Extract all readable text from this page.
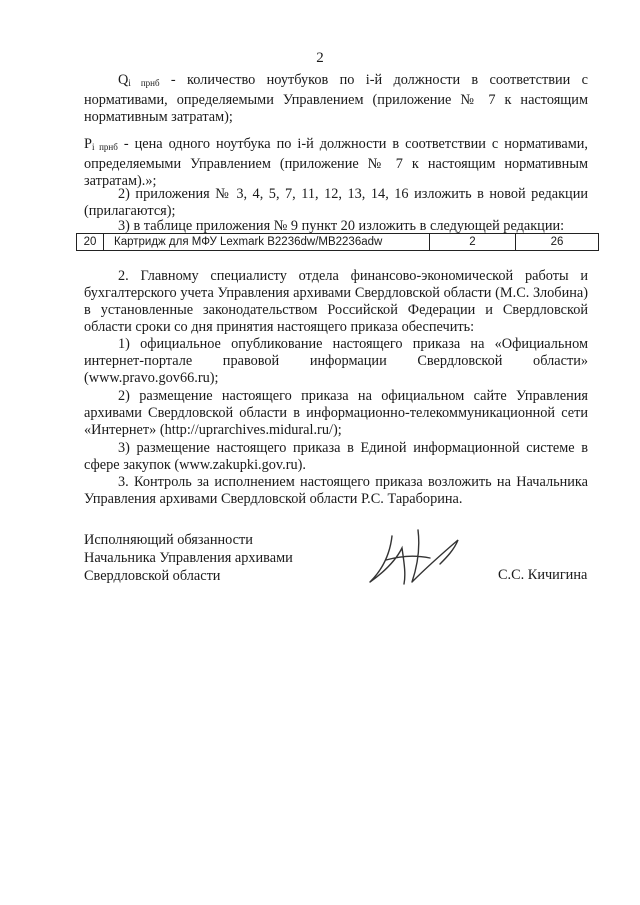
2

$Q_{i прнб}$ - количество ноутбуков по i-й должности в соответствии с нормативами, определяемыми Управлением (приложение № 7 к настоящим нормативным затратам);

$P_{i прнб}$ - цена одного ноутбука по i-й должности в соответствии с нормативами, определяемыми Управлением (приложение № 7 к настоящим нормативным затратам).»;

2) приложения № 3, 4, 5, 7, 11, 12, 13, 14, 16 изложить в новой редакции (прилагаются);

3) в таблице приложения № 9 пункт 20 изложить в следующей редакции:

20	Картридж для МФУ Lexmark B2236dw/MB2236adw	2	26

2. Главному специалисту отдела финансово-экономической работы и бухгалтерского учета Управления архивами Свердловской области (М.С. Злобина) в установленные законодательством Российской Федерации и Свердловской области сроки со дня принятия настоящего приказа обеспечить:

1) официальное опубликование настоящего приказа на «Официальном интернет-портале правовой информации Свердловской области» (www.pravo.gov66.ru);

2) размещение настоящего приказа на официальном сайте Управления архивами Свердловской области в информационно-телекоммуникационной сети «Интернет» (http://uprarchives.midural.ru/);

3) размещение настоящего приказа в Единой информационной системе в сфере закупок (www.zakupki.gov.ru).

3. Контроль за исполнением настоящего приказа возложить на Начальника Управления архивами Свердловской области Р.С. Тараборина.

Исполняющий обязанности
Начальника Управления архивами
Свердловской области	С.С. Кичигина
